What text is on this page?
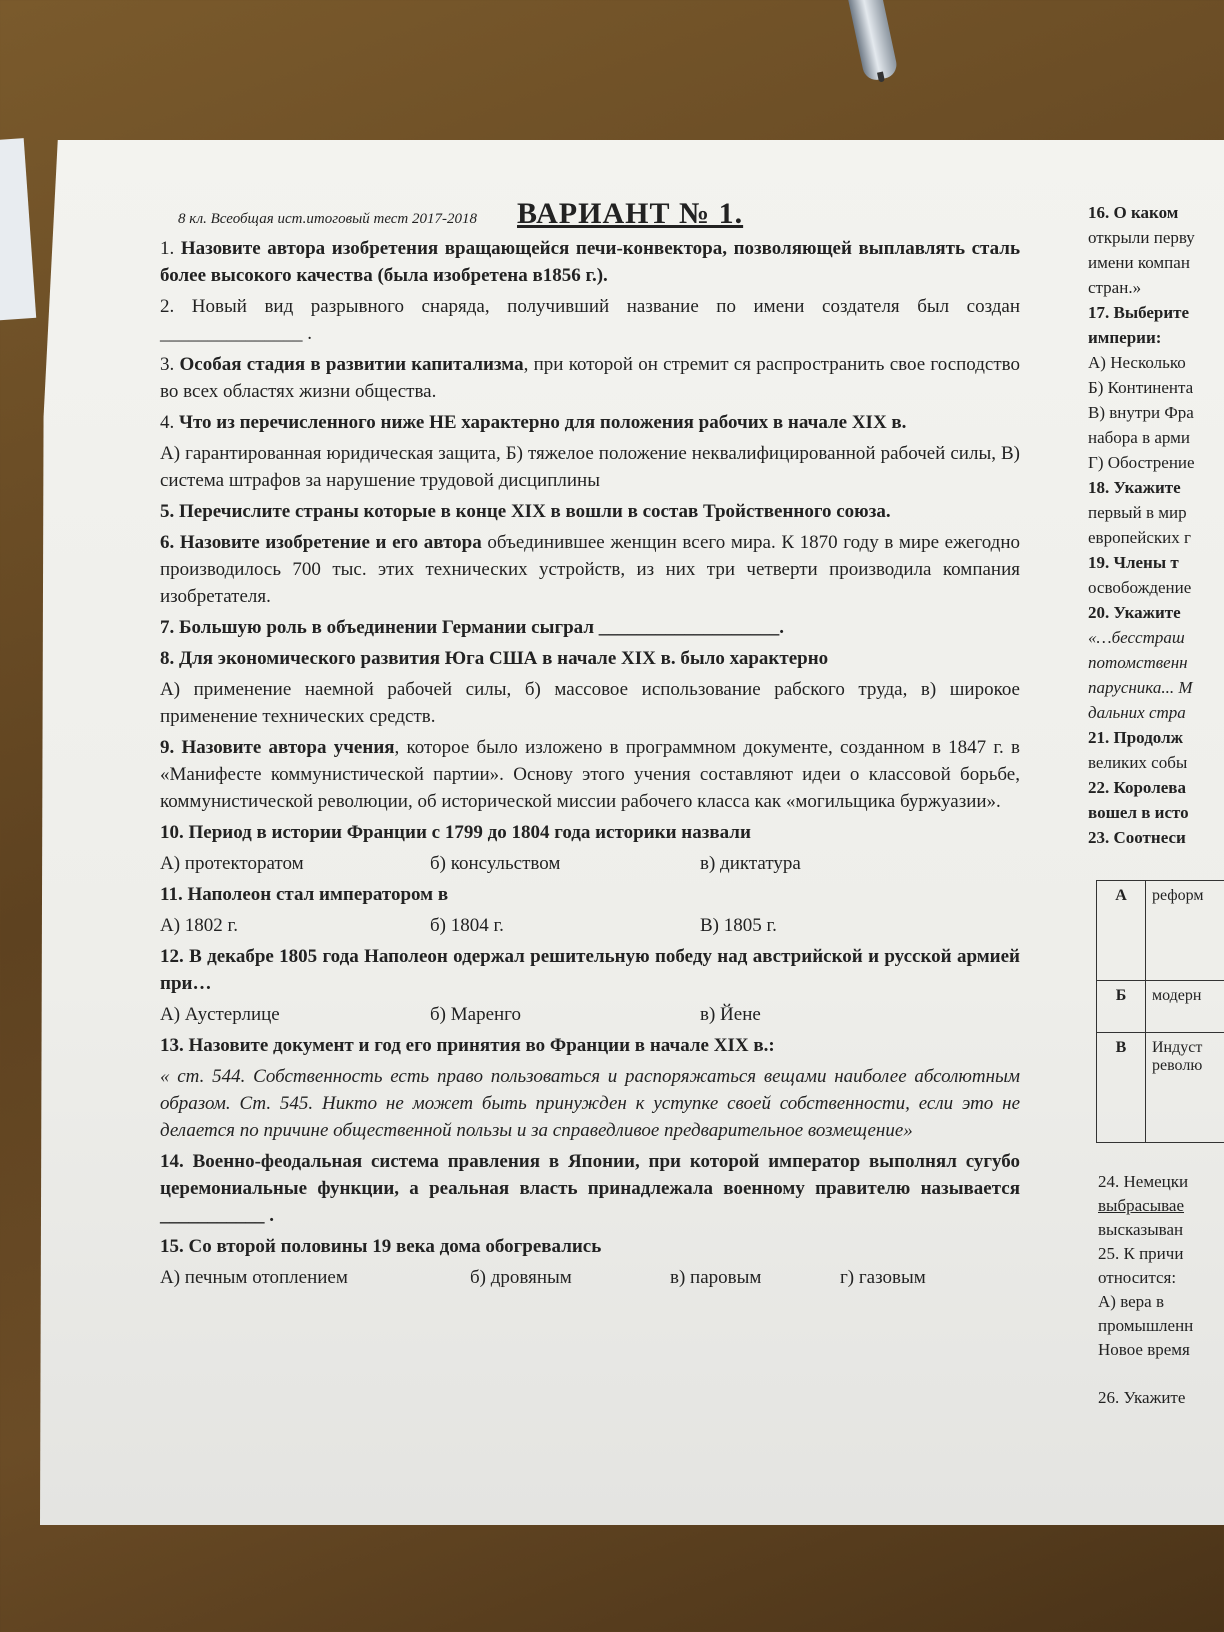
8 кл. Всеобщая ист.итоговый тест 2017-2018 ВАРИАНТ № 1.

1. Назовите автора изобретения вращающейся печи-конвектора, позволяющей выплавлять сталь более высокого качества (была изобретена в1856 г.).

2. Новый вид разрывного снаряда, получивший название по имени создателя был создан _______________ .

3. Особая стадия в развитии капитализма, при которой он стремит ся распространить свое господство во всех областях жизни общества.

4. Что из перечисленного ниже НЕ характерно для положения рабочих в начале XIX в.

А) гарантированная юридическая защита, Б) тяжелое положение неквалифицированной рабочей силы, В) система штрафов за нарушение трудовой дисциплины

5. Перечислите страны которые в конце XIX в вошли в состав Тройственного союза.

6. Назовите изобретение и его автора объединившее женщин всего мира. К 1870 году в мире ежегодно производилось 700 тыс. этих технических устройств, из них три четверти производила компания изобретателя.

7. Большую роль в объединении Германии сыграл ___________________.

8. Для экономического развития Юга США в начале XIX в. было характерно

А) применение наемной рабочей силы, б) массовое использование рабского труда, в) широкое применение технических средств.

9. Назовите автора учения, которое было изложено в программном документе, созданном в 1847 г. в «Манифесте коммунистической партии». Основу этого учения составляют идеи о классовой борьбе, коммунистической революции, об исторической миссии рабочего класса как «могильщика буржуазии».

10. Период в истории Франции с 1799 до 1804 года историки назвали

А) протекторатом	б) консульством	в) диктатура

11. Наполеон стал императором в

А) 1802 г.	б) 1804 г.	В) 1805 г.

12. В декабре 1805 года Наполеон одержал решительную победу над австрийской и русской армией при…

А) Аустерлице	б) Маренго	в) Йене

13. Назовите документ и год его принятия во Франции в начале XIX в.:

« ст. 544. Собственность есть право пользоваться и распоряжаться вещами наиболее абсолютным образом. Ст. 545. Никто не может быть принужден к уступке своей собственности, если это не делается по причине общественной пользы и за справедливое предварительное возмещение»

14. Военно-феодальная система правления в Японии, при которой император выполнял сугубо церемониальные функции, а реальная власть принадлежала военному правителю называется ___________ .

15. Со второй половины 19 века дома обогревались

А) печным отоплением	б) дровяным	в) паровым	г) газовым
16. О каком
открыли перву
имени компан
стран.»
17. Выберите
империи:
А) Несколько
Б) Континента
В) внутри Фра
набора в арми
Г) Обострение
18. Укажите
первый в мир
европейских г
19. Члены т
освобождение
20. Укажите
«…бесстраш
потомственн
парусника... М
дальних стра
21. Продолж
великих собы
22. Королева
вошел в исто
23. Соотнеси
А	реформ
Б	модерн
В	Индуст револю
24. Немецки
выбрасывае
высказыван
25. К причи
относится:
А) вера в
промышленн
Новое время
26. Укажите
